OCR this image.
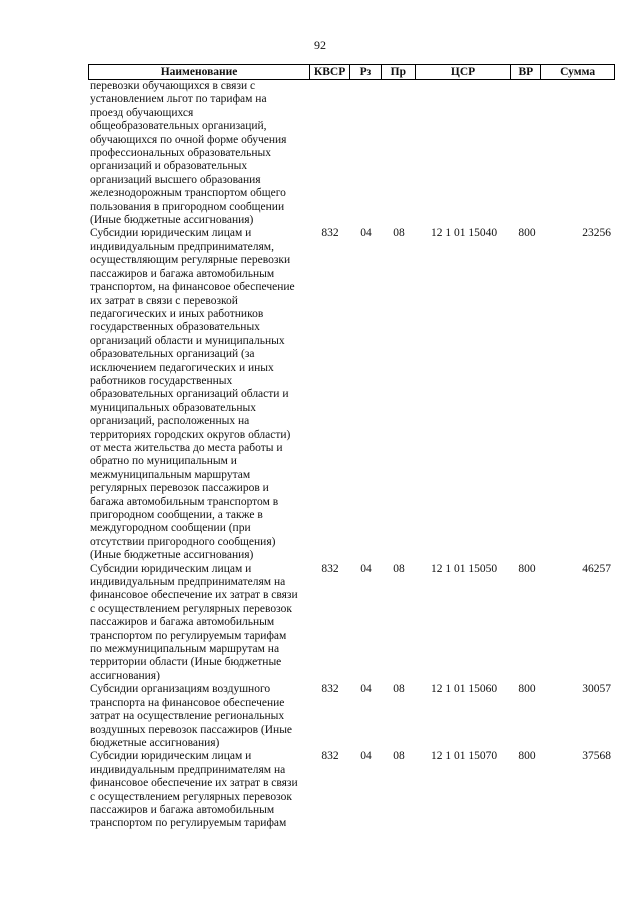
92
Наименование	КВСР	Рз	Пр	ЦСР	ВР	Сумма
перевозки обучающихся в связи с
установлением льгот по тарифам на
проезд обучающихся
общеобразовательных организаций,
обучающихся по очной форме обучения
профессиональных образовательных
организаций и образовательных
организаций высшего образования
железнодорожным транспортом общего
пользования в пригородном сообщении
(Иные бюджетные ассигнования)
Субсидии юридическим лицам и
индивидуальным предпринимателям,
осуществляющим регулярные перевозки
пассажиров и багажа автомобильным
транспортом, на финансовое обеспечение
их затрат в связи с перевозкой
педагогических и иных работников
государственных образовательных
организаций области и муниципальных
образовательных организаций (за
исключением педагогических и иных
работников государственных
образовательных организаций области и
муниципальных образовательных
организаций, расположенных на
территориях городских округов области)
от места жительства до места работы и
обратно по муниципальным и
межмуниципальным маршрутам
регулярных перевозок пассажиров и
багажа автомобильным транспортом в
пригородном сообщении, а также в
междугородном сообщении (при
отсутствии пригородного сообщения)
(Иные бюджетные ассигнования)
832	04	08	12 1 01 15040	800	23256
Субсидии юридическим лицам и
индивидуальным предпринимателям на
финансовое обеспечение их затрат в связи
с осуществлением регулярных перевозок
пассажиров и багажа автомобильным
транспортом по регулируемым тарифам
по межмуниципальным маршрутам на
территории области (Иные бюджетные
ассигнования)
832	04	08	12 1 01 15050	800	46257
Субсидии организациям воздушного
транспорта на финансовое обеспечение
затрат на осуществление региональных
воздушных перевозок пассажиров (Иные
бюджетные ассигнования)
832	04	08	12 1 01 15060	800	30057
Субсидии юридическим лицам и
индивидуальным предпринимателям на
финансовое обеспечение их затрат в связи
с осуществлением регулярных перевозок
пассажиров и багажа автомобильным
транспортом по регулируемым тарифам
832	04	08	12 1 01 15070	800	37568
